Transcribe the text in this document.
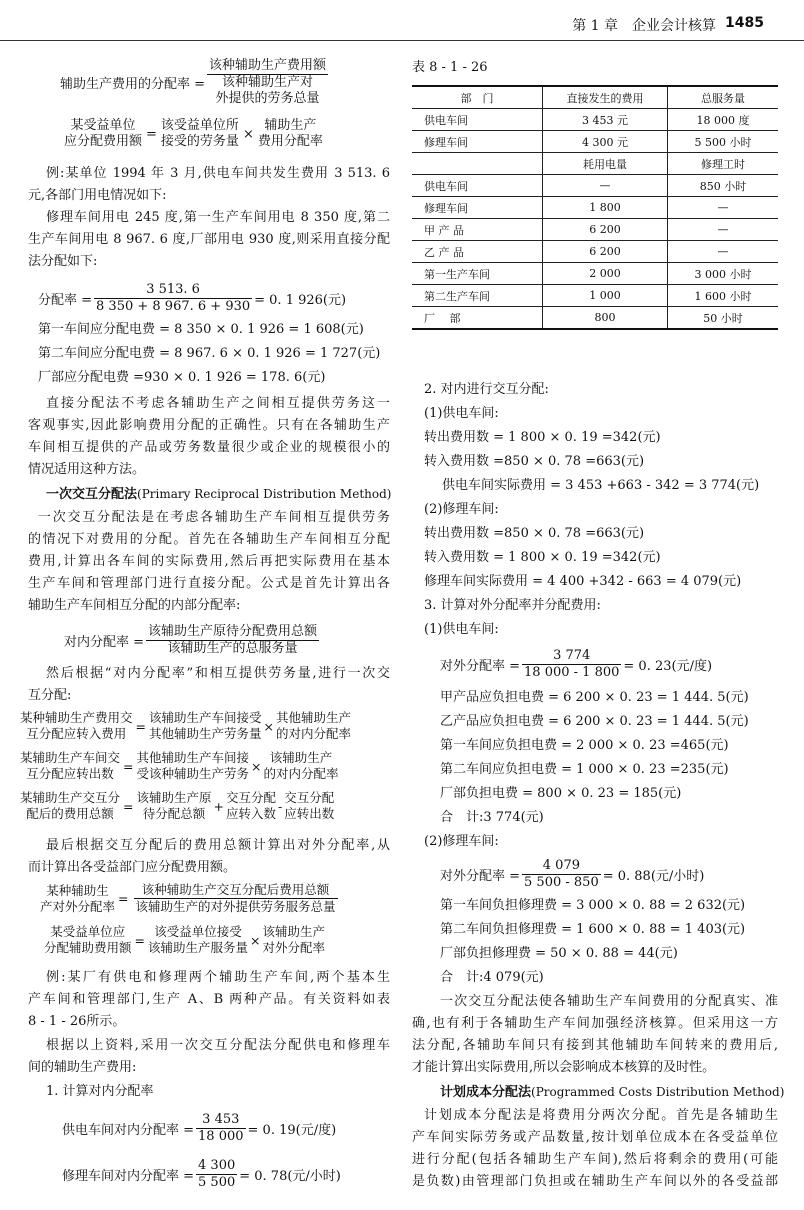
第 1 章　企业会计核算 1485
辅助生产费用的分配率 =
该种辅助生产费用额
该种辅助生产对
外提供的劳务总量
某受益单位
应分配费用额 =
该受益单位所
接受的劳务量 ×
辅助生产
费用分配率
例:某单位 1994 年 3 月,供电车间共发生费用 3 513. 6
元,各部门用电情况如下:
修理车间用电 245 度,第一生产车间用电 8 350 度,第二
生产车间用电 8 967. 6 度,厂部用电 930 度,则采用直接分配
法分配如下:
分配率 = $\frac{3 513. 6}{8 350 + 8 967. 6 + 930} = 0$. 1 926(元)
第一车间应分配电费 = 8 350 × 0. 1 926 = 1 608(元)
第二车间应分配电费 = 8 967. 6 × 0. 1 926 = 1 727(元)
厂部应分配电费 =930 × 0. 1 926 = 178. 6(元)
直接分配法不考虑各辅助生产之间相互提供劳务这一
客观事实,因此影响费用分配的正确性。只有在各辅助生产
车间相互提供的产品或劳务数量很少或企业的规模很小的
情况适用这种方法。
一次交互分配法(Primary Reciprocal Distribution Method)
一次交互分配法是在考虑各辅助生产车间相互提供劳务
的情况下对费用的分配。首先在各辅助生产车间相互分配
费用,计算出各车间的实际费用,然后再把实际费用在基本
生产车间和管理部门进行直接分配。公式是首先计算出各
辅助生产车间相互分配的内部分配率:
对内分配率 = $\frac{\text{该辅助生产原待分配费用总额}}{\text{该辅助生产的总服务量}}$
然后根据“对内分配率”和相互提供劳务量,进行一次交
互分配:
某种辅助生产费用交
互分配应转入费用 =
该辅助生产车间接受
其他辅助生产劳务量 ×
其他辅助生产
的对内分配率
某辅助生产车间交
互分配应转出数 =
其他辅助生产车间接
受该种辅助生产劳务 ×
该辅助生产
的对内分配率
某辅助生产交互分
配后的费用总额 =
该辅助生产原
待分配总额 +
交互分配
应转入数 -
交互分配
应转出数
最后根据交互分配后的费用总额计算出对外分配率,从
而计算出各受益部门应分配费用额。
某种辅助生
产对外分配率 = $\frac{\text{该种辅助生产交互分配后费用总额}}{\text{该辅助生产的对外提供劳务服务总量}}$
某受益单位应
分配辅助费用额 =
该受益单位接受
该辅助生产服务量 ×
该辅助生产
对外分配率
例:某厂有供电和修理两个辅助生产车间,两个基本生
产车间和管理部门,生产 A、B 两种产品。有关资料如表
8 - 1 - 26所示。
根据以上资料,采用一次交互分配法分配供电和修理车
间的辅助生产费用:
1. 计算对内分配率
供电车间对内分配率 = $\frac{3 453}{18 000} = 0$. 19(元/度)
修理车间对内分配率 = $\frac{4 300}{5 500} = 0$. 78(元/小时)
表 8 - 1 - 26
部　门	直接发生的费用	总服务量
供电车间	3 453 元	18 000 度
修理车间	4 300 元	5 500 小时
	耗用电量	修理工时
供电车间	—	850 小时
修理车间	1 800	—
甲 产 品	6 200	—
乙 产 品	6 200	—
第一生产车间	2 000	3 000 小时
第二生产车间	1 000	1 600 小时
厂　 部	800	50 小时
2. 对内进行交互分配:
(1)供电车间:
转出费用数 = 1 800 × 0. 19 =342(元)
转入费用数 =850 × 0. 78 =663(元)
供电车间实际费用 = 3 453 +663 - 342 = 3 774(元)
(2)修理车间:
转出费用数 =850 × 0. 78 =663(元)
转入费用数 = 1 800 × 0. 19 =342(元)
修理车间实际费用 = 4 400 +342 - 663 = 4 079(元)
3. 计算对外分配率并分配费用:
(1)供电车间:
对外分配率 = $\frac{3 774}{18 000 - 1 800} = 0$. 23(元/度)
甲产品应负担电费 = 6 200 × 0. 23 = 1 444. 5(元)
乙产品应负担电费 = 6 200 × 0. 23 = 1 444. 5(元)
第一车间应负担电费 = 2 000 × 0. 23 =465(元)
第二车间应负担电费 = 1 000 × 0. 23 =235(元)
厂部负担电费 = 800 × 0. 23 = 185(元)
合　计:3 774(元)
(2)修理车间:
对外分配率 = $\frac{4 079}{5 500 - 850} = 0$. 88(元/小时)
第一车间负担修理费 = 3 000 × 0. 88 = 2 632(元)
第二车间负担修理费 = 1 600 × 0. 88 = 1 403(元)
厂部负担修理费 = 50 × 0. 88 = 44(元)
合　计:4 079(元)
一次交互分配法使各辅助生产车间费用的分配真实、准
确,也有利于各辅助生产车间加强经济核算。但采用这一方
法分配,各辅助车间只有接到其他辅助车间转来的费用后,
才能计算出实际费用,所以会影响成本核算的及时性。
计划成本分配法(Programmed Costs Distribution Method)
计划成本分配法是将费用分两次分配。首先是各辅助生
产车间实际劳务或产品数量,按计划单位成本在各受益单位
进行分配(包括各辅助生产车间),然后将剩余的费用(可能
是负数)由管理部门负担或在辅助生产车间以外的各受益部
